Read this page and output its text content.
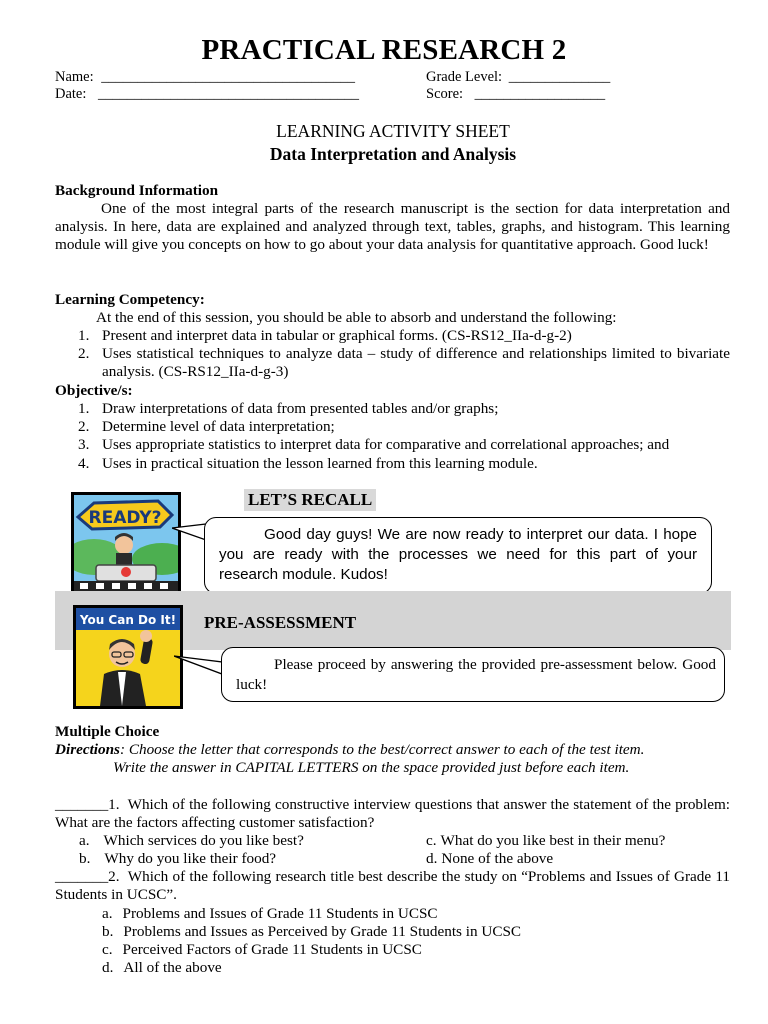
PRACTICAL RESEARCH 2
Name: ___________________________________	Grade Level: ______________
Date: ____________________________________	Score: __________________
LEARNING ACTIVITY SHEET
Data Interpretation and Analysis
Background Information
One of the most integral parts of the research manuscript is the section for data interpretation and analysis. In here, data are explained and analyzed through text, tables, graphs, and histogram. This learning module will give you concepts on how to go about your data analysis for quantitative approach. Good luck!
Learning Competency:
At the end of this session, you should be able to absorb and understand the following:
1. Present and interpret data in tabular or graphical forms. (CS-RS12_IIa-d-g-2)
2. Uses statistical techniques to analyze data – study of difference and relationships limited to bivariate analysis. (CS-RS12_IIa-d-g-3)
Objective/s:
1. Draw interpretations of data from presented tables and/or graphs;
2. Determine level of data interpretation;
3. Uses appropriate statistics to interpret data for comparative and correlational approaches; and
4. Uses in practical situation the lesson learned from this learning module.
READY?
LET’S RECALL
Good day guys! We are now ready to interpret our data. I hope you are ready with the processes we need for this part of your research module. Kudos!
PRE-ASSESSMENT
You Can Do It!
Please proceed by answering the provided pre-assessment below. Good luck!
Multiple Choice
Directions: Choose the letter that corresponds to the best/correct answer to each of the test item.
Write the answer in CAPITAL LETTERS on the space provided just before each item.
_______1. Which of the following constructive interview questions that answer the statement of the problem: What are the factors affecting customer satisfaction?
a. Which services do you like best?
b. Why do you like their food?
c. What do you like best in their menu?
d. None of the above
_______2. Which of the following research title best describe the study on “Problems and Issues of Grade 11 Students in UCSC”.
a. Problems and Issues of Grade 11 Students in UCSC
b. Problems and Issues as Perceived by Grade 11 Students in UCSC
c. Perceived Factors of Grade 11 Students in UCSC
d. All of the above
